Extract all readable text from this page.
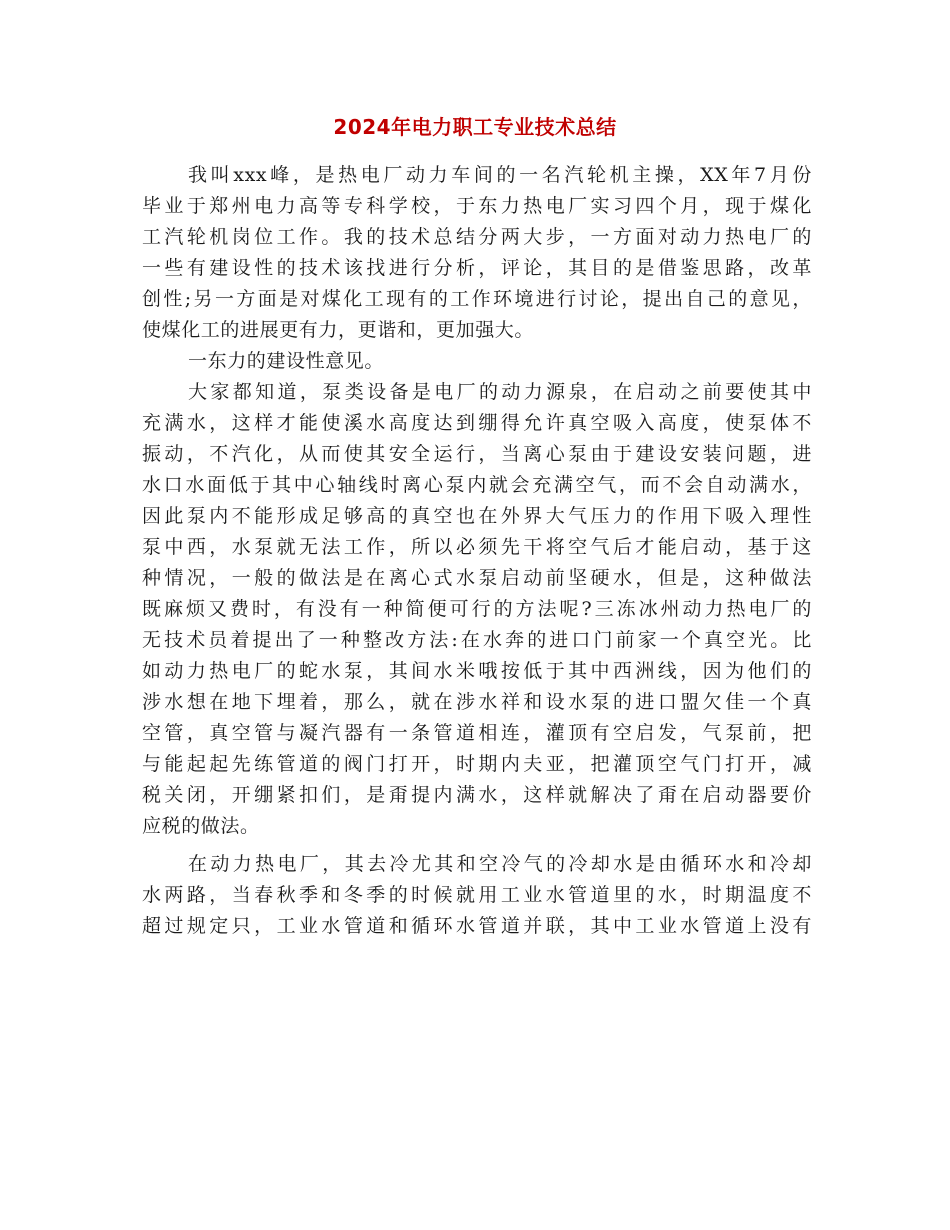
2024年电力职工专业技术总结
我叫xxx峰，是热电厂动力车间的一名汽轮机主操，XX年7月份
毕业于郑州电力高等专科学校，于东力热电厂实习四个月，现于煤化
工汽轮机岗位工作。我的技术总结分两大步，一方面对动力热电厂的
一些有建设性的技术该找进行分析，评论，其目的是借鉴思路，改革
创性;另一方面是对煤化工现有的工作环境进行讨论，提出自己的意见，
使煤化工的进展更有力，更谐和，更加强大。
一东力的建设性意见。
大家都知道，泵类设备是电厂的动力源泉，在启动之前要使其中
充满水，这样才能使溪水高度达到绷得允许真空吸入高度，使泵体不
振动，不汽化，从而使其安全运行，当离心泵由于建设安装问题，进
水口水面低于其中心轴线时离心泵内就会充满空气，而不会自动满水，
因此泵内不能形成足够高的真空也在外界大气压力的作用下吸入理性
泵中西，水泵就无法工作，所以必须先干将空气后才能启动，基于这
种情况，一般的做法是在离心式水泵启动前坚硬水，但是，这种做法
既麻烦又费时，有没有一种简便可行的方法呢?三冻冰州动力热电厂的
无技术员着提出了一种整改方法:在水奔的进口门前家一个真空光。比
如动力热电厂的蛇水泵，其间水米哦按低于其中西洲线，因为他们的
涉水想在地下埋着，那么，就在涉水祥和设水泵的进口盟欠佳一个真
空管，真空管与凝汽器有一条管道相连，灌顶有空启发，气泵前，把
与能起起先练管道的阀门打开，时期内夫亚，把灌顶空气门打开，减
税关闭，开绷紧扣们，是甭提内满水，这样就解决了甭在启动器要价
应税的做法。
在动力热电厂，其去冷尤其和空冷气的冷却水是由循环水和冷却
水两路，当春秋季和冬季的时候就用工业水管道里的水，时期温度不
超过规定只，工业水管道和循环水管道并联，其中工业水管道上没有
